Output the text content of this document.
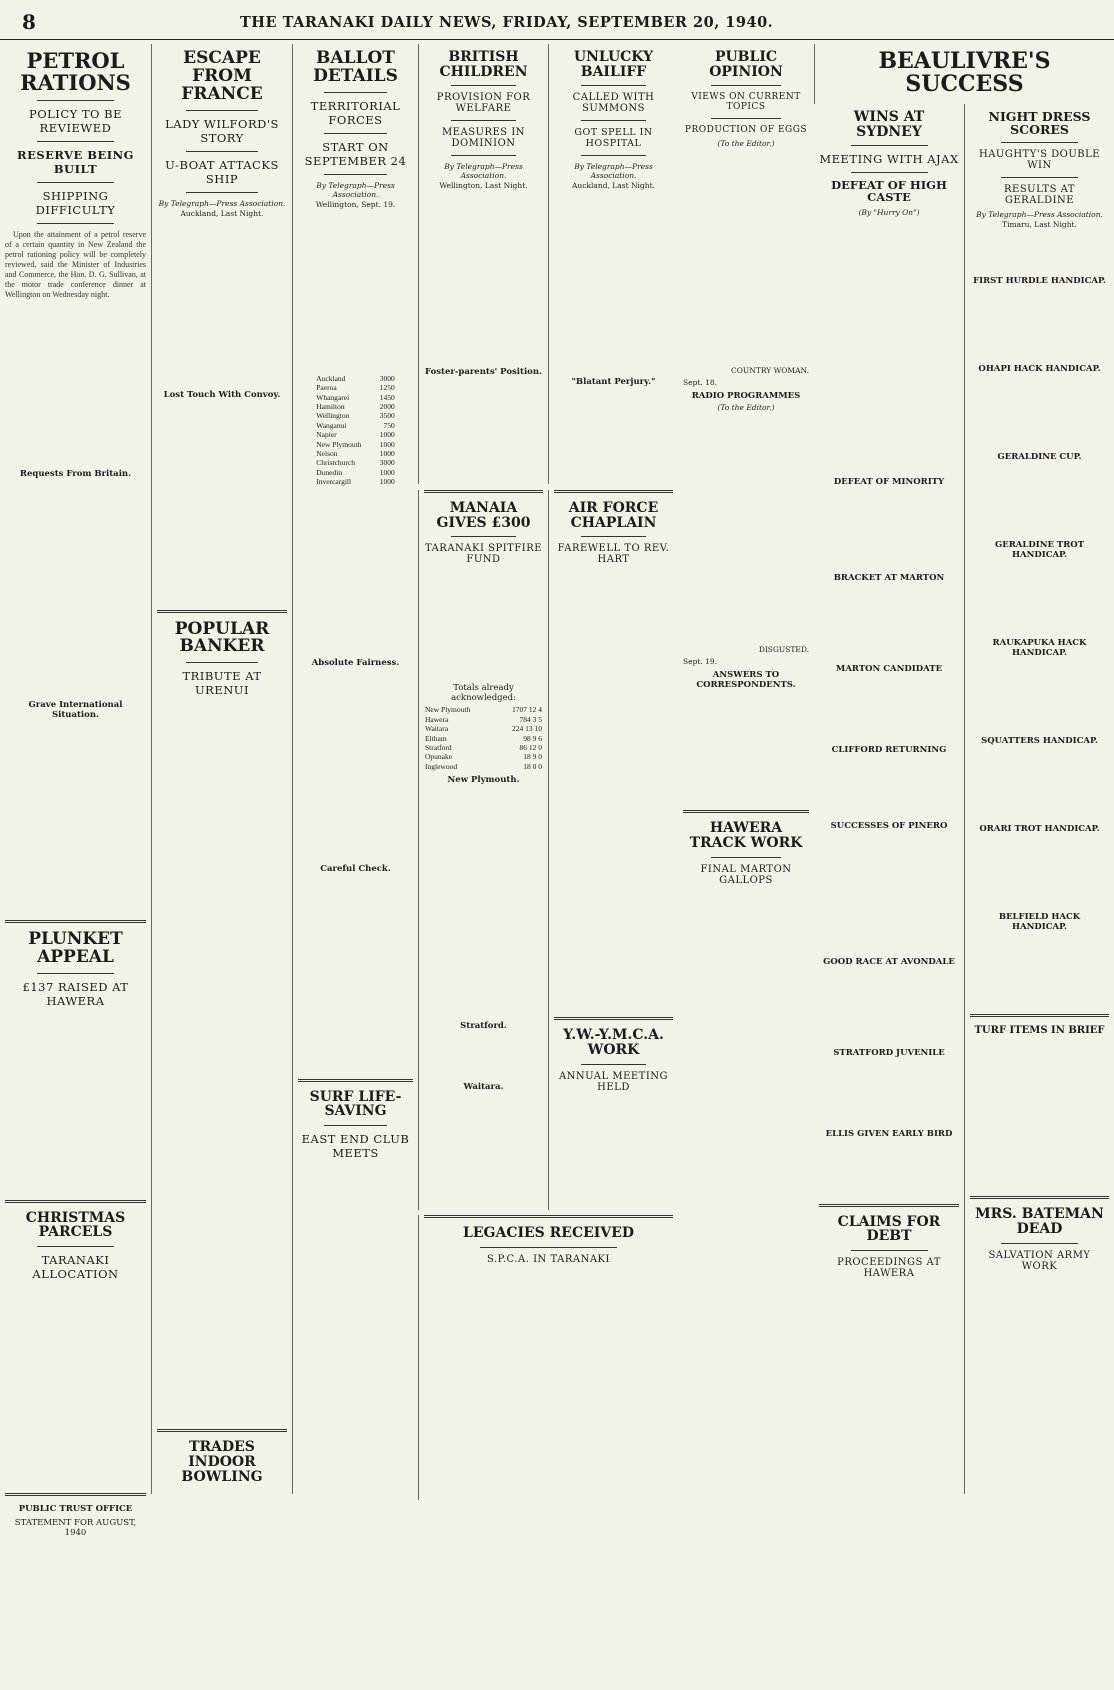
8	THE TARANAKI DAILY NEWS, FRIDAY, SEPTEMBER 20, 1940.
PETROL RATIONS
POLICY TO BE REVIEWED
RESERVE BEING BUILT
SHIPPING DIFFICULTY
Upon the attainment of a petrol reserve of a certain quantity in New Zealand the petrol rationing policy will be completely reviewed, said the Minister of Industries and Commerce, the Hon. D. G. Sullivan, at the motor trade conference dinner at Wellington on Wednesday night.
Requests From Britain.
Grave International Situation.
PLUNKET APPEAL
£137 RAISED AT HAWERA
CHRISTMAS PARCELS
TARANAKI ALLOCATION
PUBLIC TRUST OFFICE
STATEMENT FOR AUGUST, 1940
ESCAPE FROM FRANCE
LADY WILFORD'S STORY
U-BOAT ATTACKS SHIP
By Telegraph—Press Association.
Auckland, Last Night.
Lost Touch With Convoy.
POPULAR BANKER
TRIBUTE AT URENUI
TRADES INDOOR BOWLING
BALLOT DETAILS
TERRITORIAL FORCES
START ON SEPTEMBER 24
By Telegraph—Press Association.
Wellington, Sept. 19.
Auckland	3000
Paeroa	1250
Whangarei	1450
Hamilton	2000
Wellington	3500
Wanganui	750
Napier	1000
New Plymouth	1000
Nelson	1000
Christchurch	3000
Dunedin	1000
Invercargill	1000
Absolute Fairness.
Careful Check.
SURF LIFE-SAVING
EAST END CLUB MEETS
BRITISH CHILDREN
PROVISION FOR WELFARE
MEASURES IN DOMINION
By Telegraph—Press Association.
Wellington, Last Night.
Foster-parents' Position.
UNLUCKY BAILIFF
CALLED WITH SUMMONS
GOT SPELL IN HOSPITAL
By Telegraph—Press Association.
Auckland, Last Night.
"Blatant Perjury."
MANAIA GIVES £300
TARANAKI SPITFIRE FUND
Totals already acknowledged:
New Plymouth	1707 12 4
Hawera	784 3 5
Waitara	224 13 10
Eltham	98 9 6
Stratford	86 12 0
Opunake	18 9 0
Inglewood	18 0 0
New Plymouth.
Stratford.
Waitara.
AIR FORCE CHAPLAIN
FAREWELL TO REV. HART
Y.W.-Y.M.C.A. WORK
ANNUAL MEETING HELD
LEGACIES RECEIVED
S.P.C.A. IN TARANAKI
PUBLIC OPINION
VIEWS ON CURRENT TOPICS
PRODUCTION OF EGGS
(To the Editor.)
COUNTRY WOMAN.
Sept. 18.
RADIO PROGRAMMES
(To the Editor.)
DISGUSTED.
Sept. 19.
ANSWERS TO CORRESPONDENTS.
HAWERA TRACK WORK
FINAL MARTON GALLOPS
BEAULIVRE'S SUCCESS
WINS AT SYDNEY
MEETING WITH AJAX
DEFEAT OF HIGH CASTE
(By "Hurry On")
DEFEAT OF MINORITY
BRACKET AT MARTON
MARTON CANDIDATE
CLIFFORD RETURNING
SUCCESSES OF PINERO
GOOD RACE AT AVONDALE
STRATFORD JUVENILE
ELLIS GIVEN EARLY BIRD
CLAIMS FOR DEBT
PROCEEDINGS AT HAWERA
NIGHT DRESS SCORES
HAUGHTY'S DOUBLE WIN
RESULTS AT GERALDINE
By Telegraph—Press Association.
Timaru, Last Night.
FIRST HURDLE HANDICAP.
OHAPI HACK HANDICAP.
GERALDINE CUP.
GERALDINE TROT HANDICAP.
RAUKAPUKA HACK HANDICAP.
SQUATTERS HANDICAP.
ORARI TROT HANDICAP.
BELFIELD HACK HANDICAP.
TURF ITEMS IN BRIEF
MRS. BATEMAN DEAD
SALVATION ARMY WORK
